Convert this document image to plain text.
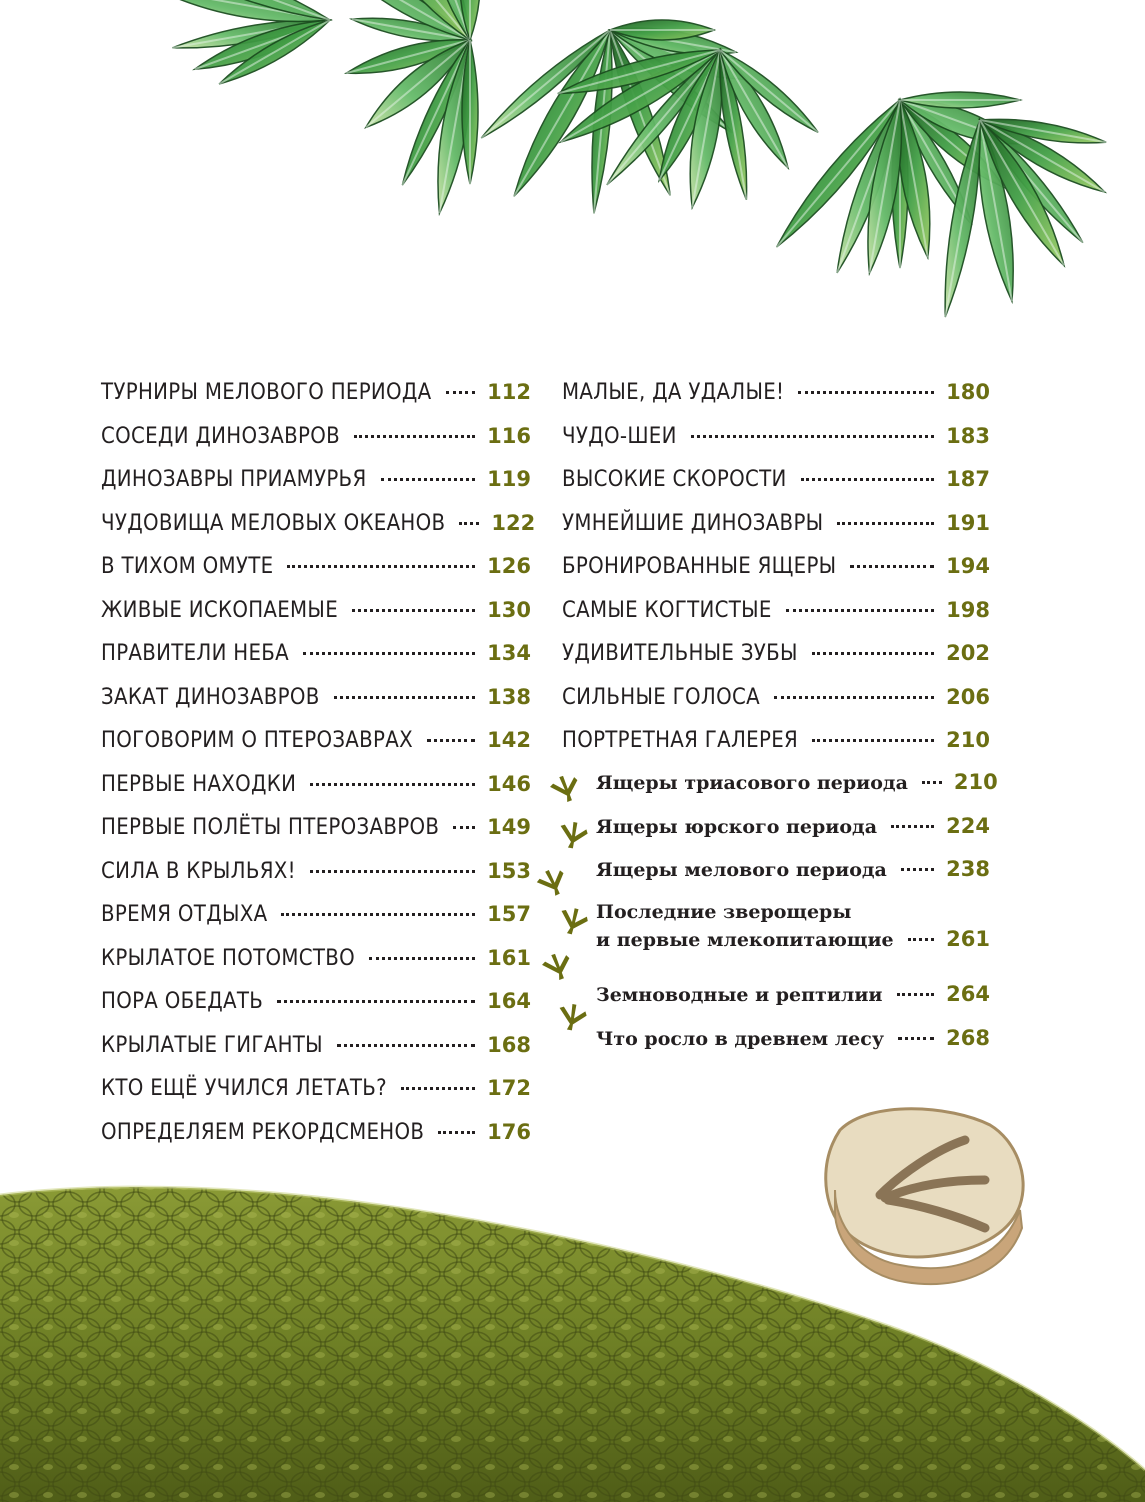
ТУРНИРЫ МЕЛОВОГО ПЕРИОДА	112
СОСЕДИ ДИНОЗАВРОВ	116
ДИНОЗАВРЫ ПРИАМУРЬЯ	119
ЧУДОВИЩА МЕЛОВЫХ ОКЕАНОВ 122
В ТИХОМ ОМУТЕ	126
ЖИВЫЕ ИСКОПАЕМЫЕ	130
ПРАВИТЕЛИ НЕБА	134
ЗАКАТ ДИНОЗАВРОВ	138
ПОГОВОРИМ О ПТЕРОЗАВРАХ	142
ПЕРВЫЕ НАХОДКИ	146
ПЕРВЫЕ ПОЛЁТЫ ПТЕРОЗАВРОВ 149
СИЛА В КРЫЛЬЯХ!	153
ВРЕМЯ ОТДЫХА	157
КРЫЛАТОЕ ПОТОМСТВО	161
ПОРА ОБЕДАТЬ	164
КРЫЛАТЫЕ ГИГАНТЫ	168
КТО ЕЩЁ УЧИЛСЯ ЛЕТАТЬ?	172
ОПРЕДЕЛЯЕМ РЕКОРДСМЕНОВ	176
МАЛЫЕ, ДА УДАЛЫЕ!	180
ЧУДО-ШЕИ	183
ВЫСОКИЕ СКОРОСТИ	187
УМНЕЙШИЕ ДИНОЗАВРЫ	191
БРОНИРОВАННЫЕ ЯЩЕРЫ	194
САМЫЕ КОГТИСТЫЕ	198
УДИВИТЕЛЬНЫЕ ЗУБЫ	202
СИЛЬНЫЕ ГОЛОСА	206
ПОРТРЕТНАЯ ГАЛЕРЕЯ	210
Ящеры триасового периода 210
Ящеры юрского периода	224
Ящеры мелового периода	238
Последние зверощеры
и первые млекопитающие	261
Земноводные и рептилии	264
Что росло в древнем лесу	268
